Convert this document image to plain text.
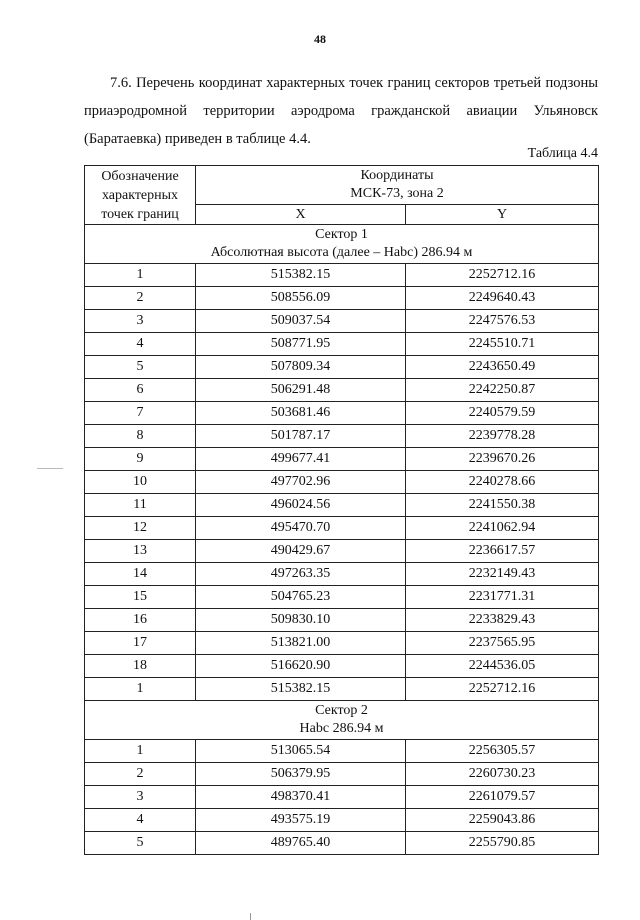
48
7.6. Перечень координат характерных точек границ секторов третьей подзоны
приаэродромной территории аэродрома гражданской авиации Ульяновск
(Баратаевка) приведен в таблице 4.4.
Таблица 4.4
Обозначение
характерных
точек границ	Координаты
МСК-73, зона 2	
	X	Y
Сектор 1
Абсолютная высота (далее – Нabc) 286.94 м		
1	515382.15	2252712.16
2	508556.09	2249640.43
3	509037.54	2247576.53
4	508771.95	2245510.71
5	507809.34	2243650.49
6	506291.48	2242250.87
7	503681.46	2240579.59
8	501787.17	2239778.28
9	499677.41	2239670.26
10	497702.96	2240278.66
11	496024.56	2241550.38
12	495470.70	2241062.94
13	490429.67	2236617.57
14	497263.35	2232149.43
15	504765.23	2231771.31
16	509830.10	2233829.43
17	513821.00	2237565.95
18	516620.90	2244536.05
1	515382.15	2252712.16
Сектор 2
Нabc 286.94 м		
1	513065.54	2256305.57
2	506379.95	2260730.23
3	498370.41	2261079.57
4	493575.19	2259043.86
5	489765.40	2255790.85
